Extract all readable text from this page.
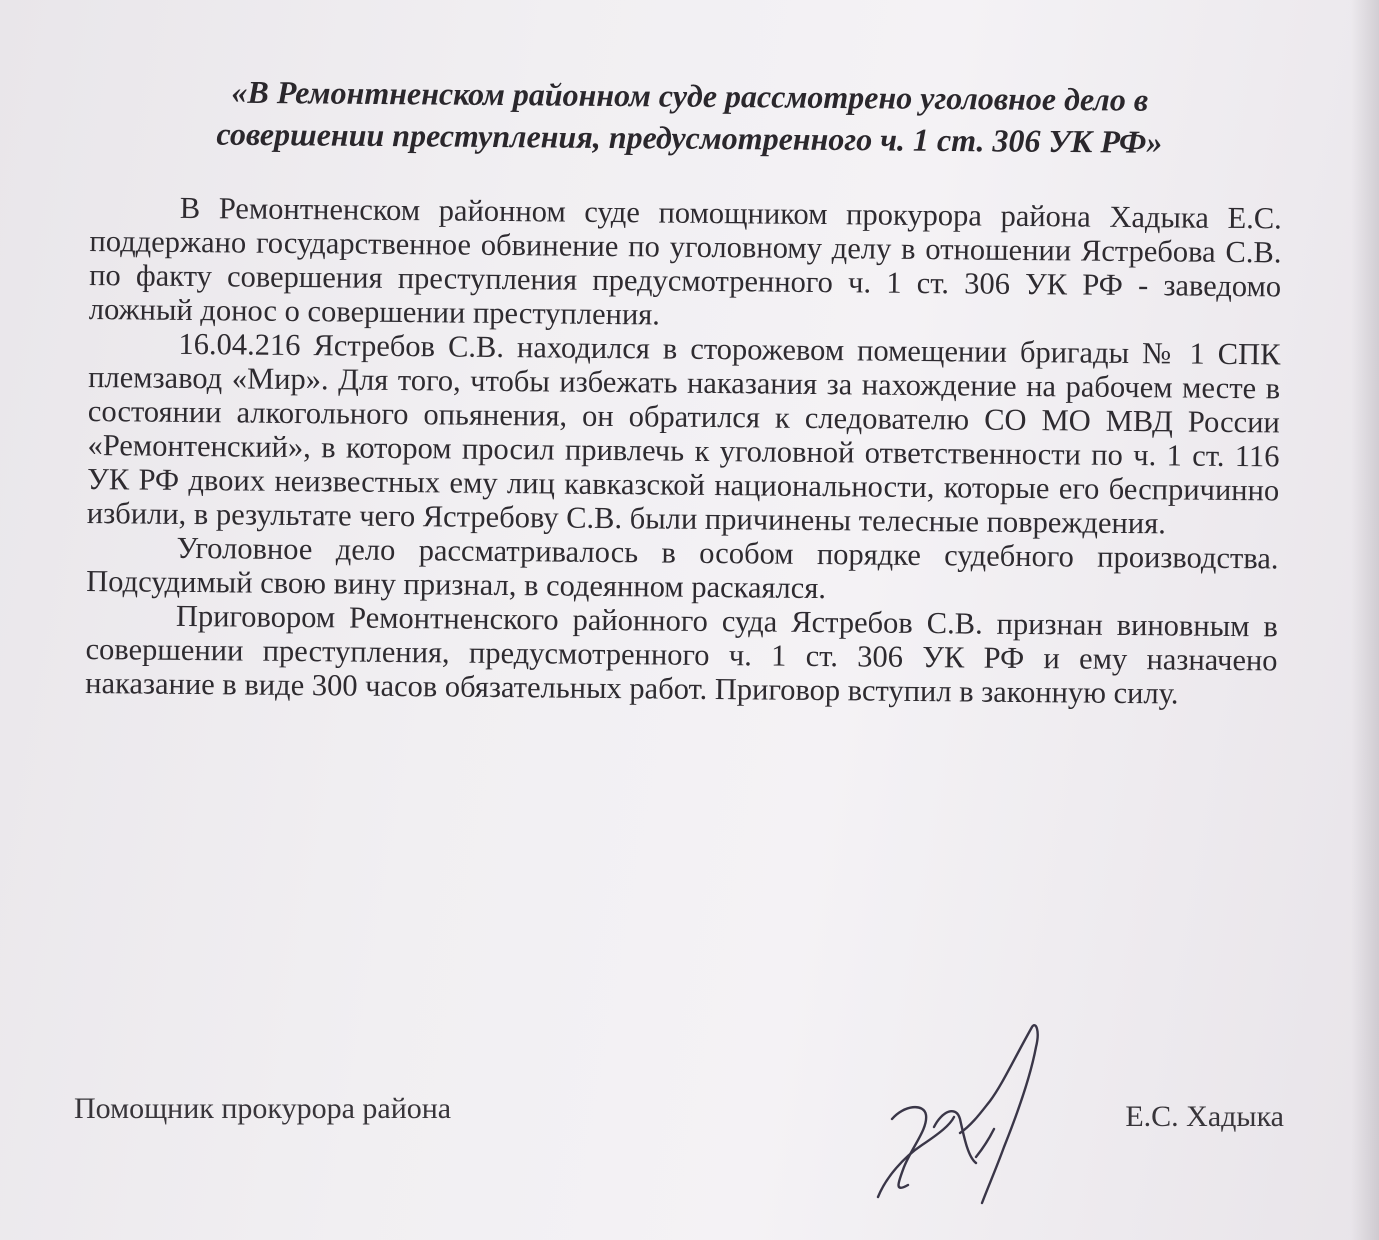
«В Ремонтненском районном суде рассмотрено уголовное дело в совершении преступления, предусмотренного ч. 1 ст. 306 УК РФ»

В Ремонтненском районном суде помощником прокурора района Хадыка Е.С. поддержано государственное обвинение по уголовному делу в отношении Ястребова С.В. по факту совершения преступления предусмотренного ч. 1 ст. 306 УК РФ - заведомо ложный донос о совершении преступления.

16.04.216 Ястребов С.В. находился в сторожевом помещении бригады № 1 СПК племзавод «Мир». Для того, чтобы избежать наказания за нахождение на рабочем месте в состоянии алкогольного опьянения, он обратился к следователю СО МО МВД России «Ремонтенский», в котором просил привлечь к уголовной ответственности по ч. 1 ст. 116 УК РФ двоих неизвестных ему лиц кавказской национальности, которые его беспричинно избили, в результате чего Ястребову С.В. были причинены телесные повреждения.

Уголовное дело рассматривалось в особом порядке судебного производства. Подсудимый свою вину признал, в содеянном раскаялся.

Приговором Ремонтненского районного суда Ястребов С.В. признан виновным в совершении преступления, предусмотренного ч. 1 ст. 306 УК РФ и ему назначено наказание в виде 300 часов обязательных работ. Приговор вступил в законную силу.

Помощник прокурора района	Е.С. Хадыка
